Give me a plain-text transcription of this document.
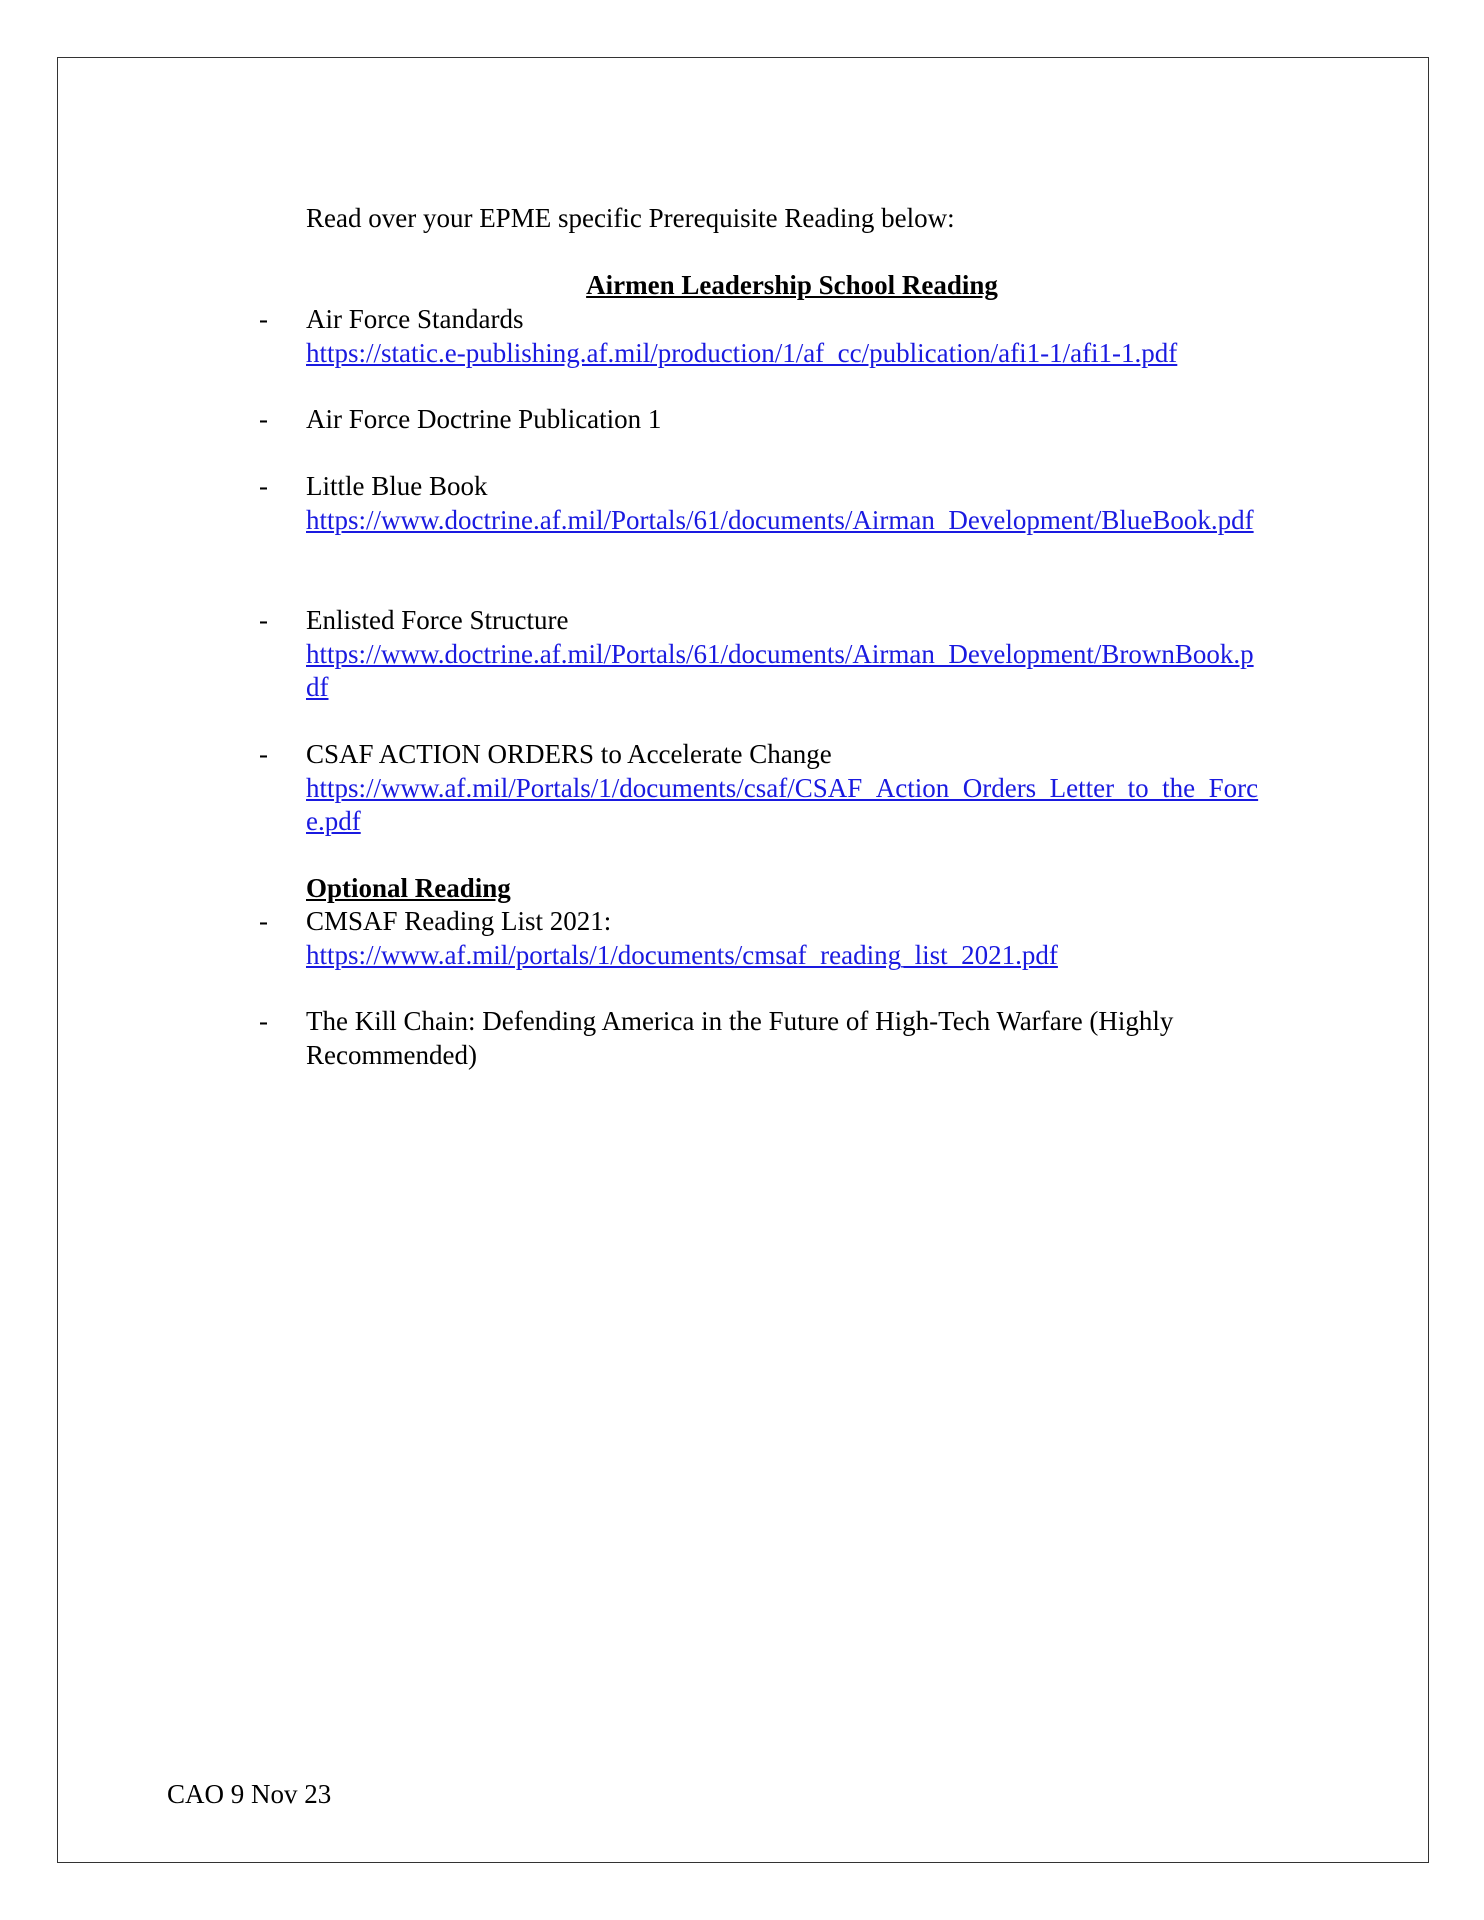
Read over your EPME specific Prerequisite Reading below:
Airmen Leadership School Reading
- Air Force Standards
https://static.e-publishing.af.mil/production/1/af_cc/publication/afi1-1/afi1-1.pdf
- Air Force Doctrine Publication 1
- Little Blue Book
https://www.doctrine.af.mil/Portals/61/documents/Airman_Development/BlueBook.pdf
- Enlisted Force Structure
https://www.doctrine.af.mil/Portals/61/documents/Airman_Development/BrownBook.pdf
- CSAF ACTION ORDERS to Accelerate Change
https://www.af.mil/Portals/1/documents/csaf/CSAF_Action_Orders_Letter_to_the_Force.pdf
Optional Reading
- CMSAF Reading List 2021:
https://www.af.mil/portals/1/documents/cmsaf_reading_list_2021.pdf
- The Kill Chain: Defending America in the Future of High-Tech Warfare (Highly Recommended)
CAO 9 Nov 23
